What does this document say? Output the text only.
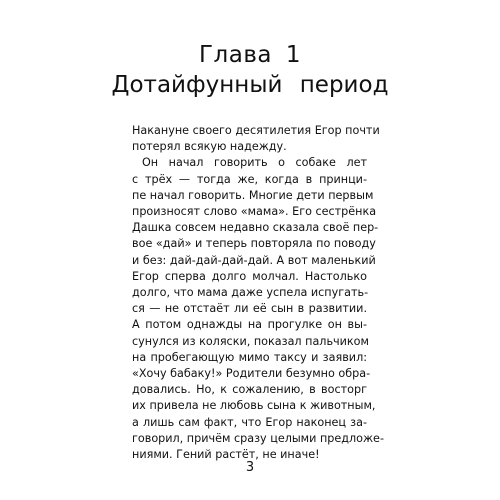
Глава 1
Дотайфунный период
Накануне своего десятилетия Егор почти
потерял всякую надежду.
Он начал говорить о собаке лет
с трёх — тогда же, когда в принци-
пе начал говорить. Многие дети первым
произносят слово «мама». Его сестрёнка
Дашка совсем недавно сказала своё пер-
вое «дай» и теперь повторяла по поводу
и без: дай-дай-дай-дай. А вот маленький
Егор сперва долго молчал. Настолько
долго, что мама даже успела испугать-
ся — не отстаёт ли её сын в развитии.
А потом однажды на прогулке он вы-
сунулся из коляски, показал пальчиком
на пробегающую мимо таксу и заявил:
«Хочу бабаку!» Родители безумно обра-
довались. Но, к сожалению, в восторг
их привела не любовь сына к животным,
а лишь сам факт, что Егор наконец за-
говорил, причём сразу целыми предложе-
ниями. Гений растёт, не иначе!
3
